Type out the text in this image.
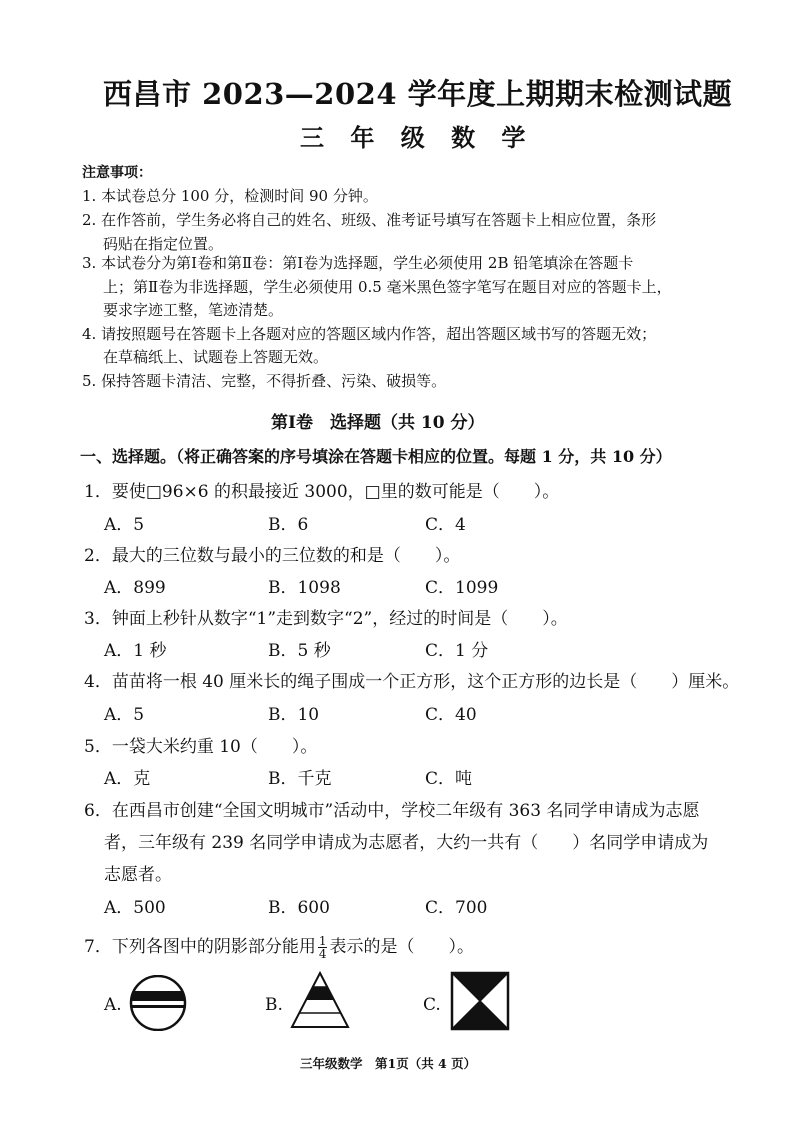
西昌市 2023—2024 学年度上期期末检测试题
三 年 级 数 学
注意事项：
1. 本试卷总分 100 分，检测时间 90 分钟。
2. 在作答前，学生务必将自己的姓名、班级、准考证号填写在答题卡上相应位置，条形
码贴在指定位置。
3. 本试卷分为第Ⅰ卷和第Ⅱ卷：第Ⅰ卷为选择题，学生必须使用 2B 铅笔填涂在答题卡
上；第Ⅱ卷为非选择题，学生必须使用 0.5 毫米黑色签字笔写在题目对应的答题卡上，
要求字迹工整，笔迹清楚。
4. 请按照题号在答题卡上各题对应的答题区域内作答，超出答题区域书写的答题无效；
在草稿纸上、试题卷上答题无效。
5. 保持答题卡清洁、完整，不得折叠、污染、破损等。
第Ⅰ卷　选择题（共 10 分）
一、选择题。（将正确答案的序号填涂在答题卡相应的位置。每题 1 分，共 10 分）
1．要使□96×6 的积最接近 3000，□里的数可能是（　　）。
A．5	B．6	C．4
2．最大的三位数与最小的三位数的和是（　　）。
A．899	B．1098	C．1099
3．钟面上秒针从数字“1”走到数字“2”，经过的时间是（　　）。
A．1 秒	B．5 秒	C．1 分
4．苗苗将一根 40 厘米长的绳子围成一个正方形，这个正方形的边长是（　　）厘米。
A．5	B．10	C．40
5．一袋大米约重 10（　　）。
A．克	B．千克	C．吨
6．在西昌市创建“全国文明城市”活动中，学校二年级有 363 名同学申请成为志愿
者，三年级有 239 名同学申请成为志愿者，大约一共有（　　）名同学申请成为
志愿者。
A．500	B．600	C．700
7．下列各图中的阴影部分能用 $\frac{1}{4}$ 表示的是（　　）。
A.	B.	C.
三年级数学　第1页（共 4 页）
